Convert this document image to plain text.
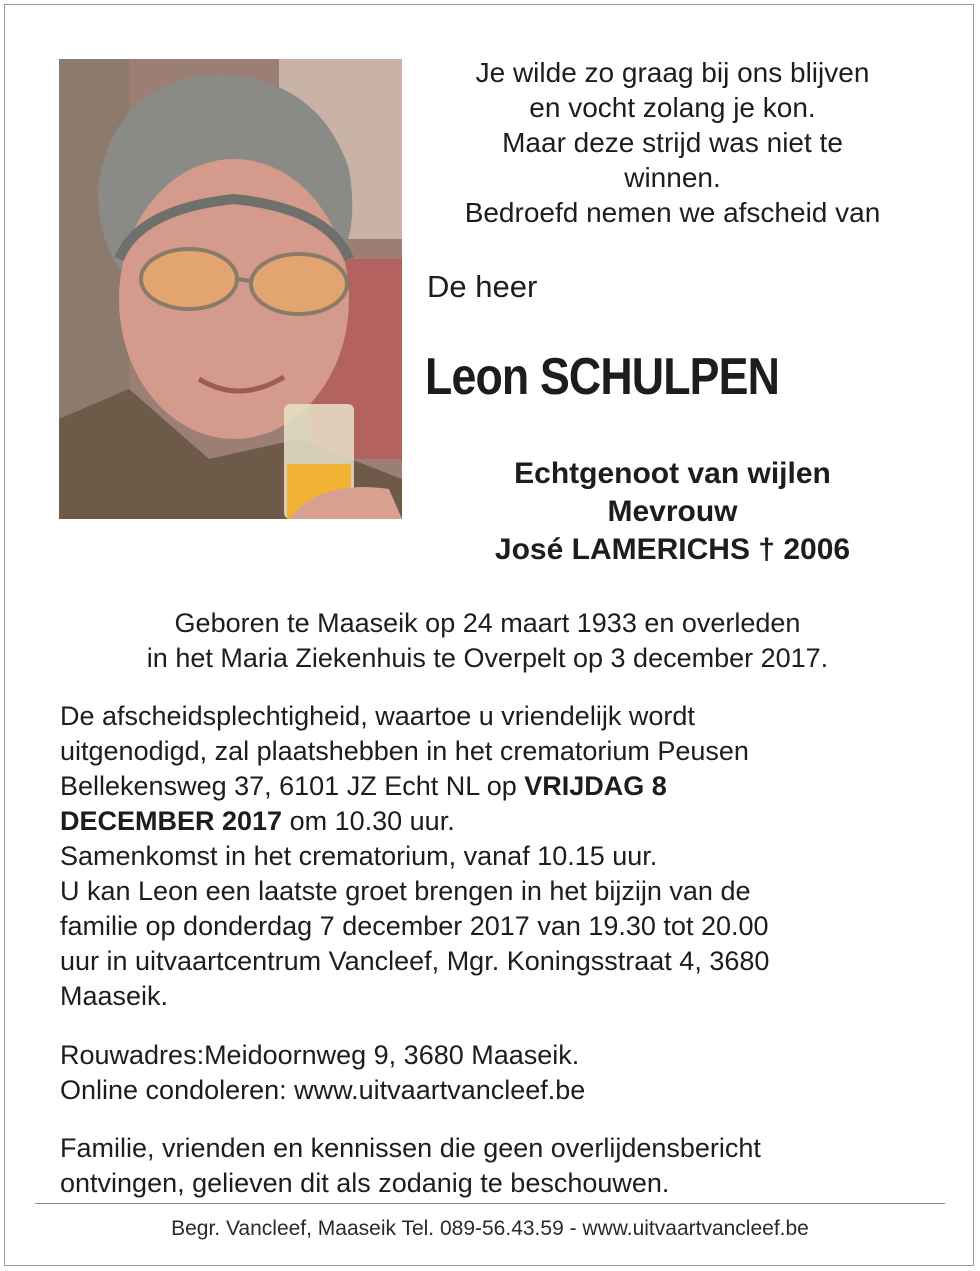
Je wilde zo graag bij ons blijven
en vocht zolang je kon.
Maar deze strijd was niet te
winnen.
Bedroefd nemen we afscheid van
De heer
Leon SCHULPEN
Echtgenoot van wijlen
Mevrouw
José LAMERICHS † 2006
Geboren te Maaseik op 24 maart 1933 en overleden
in het Maria Ziekenhuis te Overpelt op 3 december 2017.
De afscheidsplechtigheid, waartoe u vriendelijk wordt
uitgenodigd, zal plaatshebben in het crematorium Peusen
Bellekensweg 37, 6101 JZ Echt NL op VRIJDAG 8
DECEMBER 2017 om 10.30 uur.
Samenkomst in het crematorium, vanaf 10.15 uur.
U kan Leon een laatste groet brengen in het bijzijn van de
familie op donderdag 7 december 2017 van 19.30 tot 20.00
uur in uitvaartcentrum Vancleef, Mgr. Koningsstraat 4, 3680
Maaseik.
Rouwadres:Meidoornweg 9, 3680 Maaseik.
Online condoleren: www.uitvaartvancleef.be
Familie, vrienden en kennissen die geen overlijdensbericht
ontvingen, gelieven dit als zodanig te beschouwen.
Begr. Vancleef, Maaseik Tel. 089-56.43.59 - www.uitvaartvancleef.be
